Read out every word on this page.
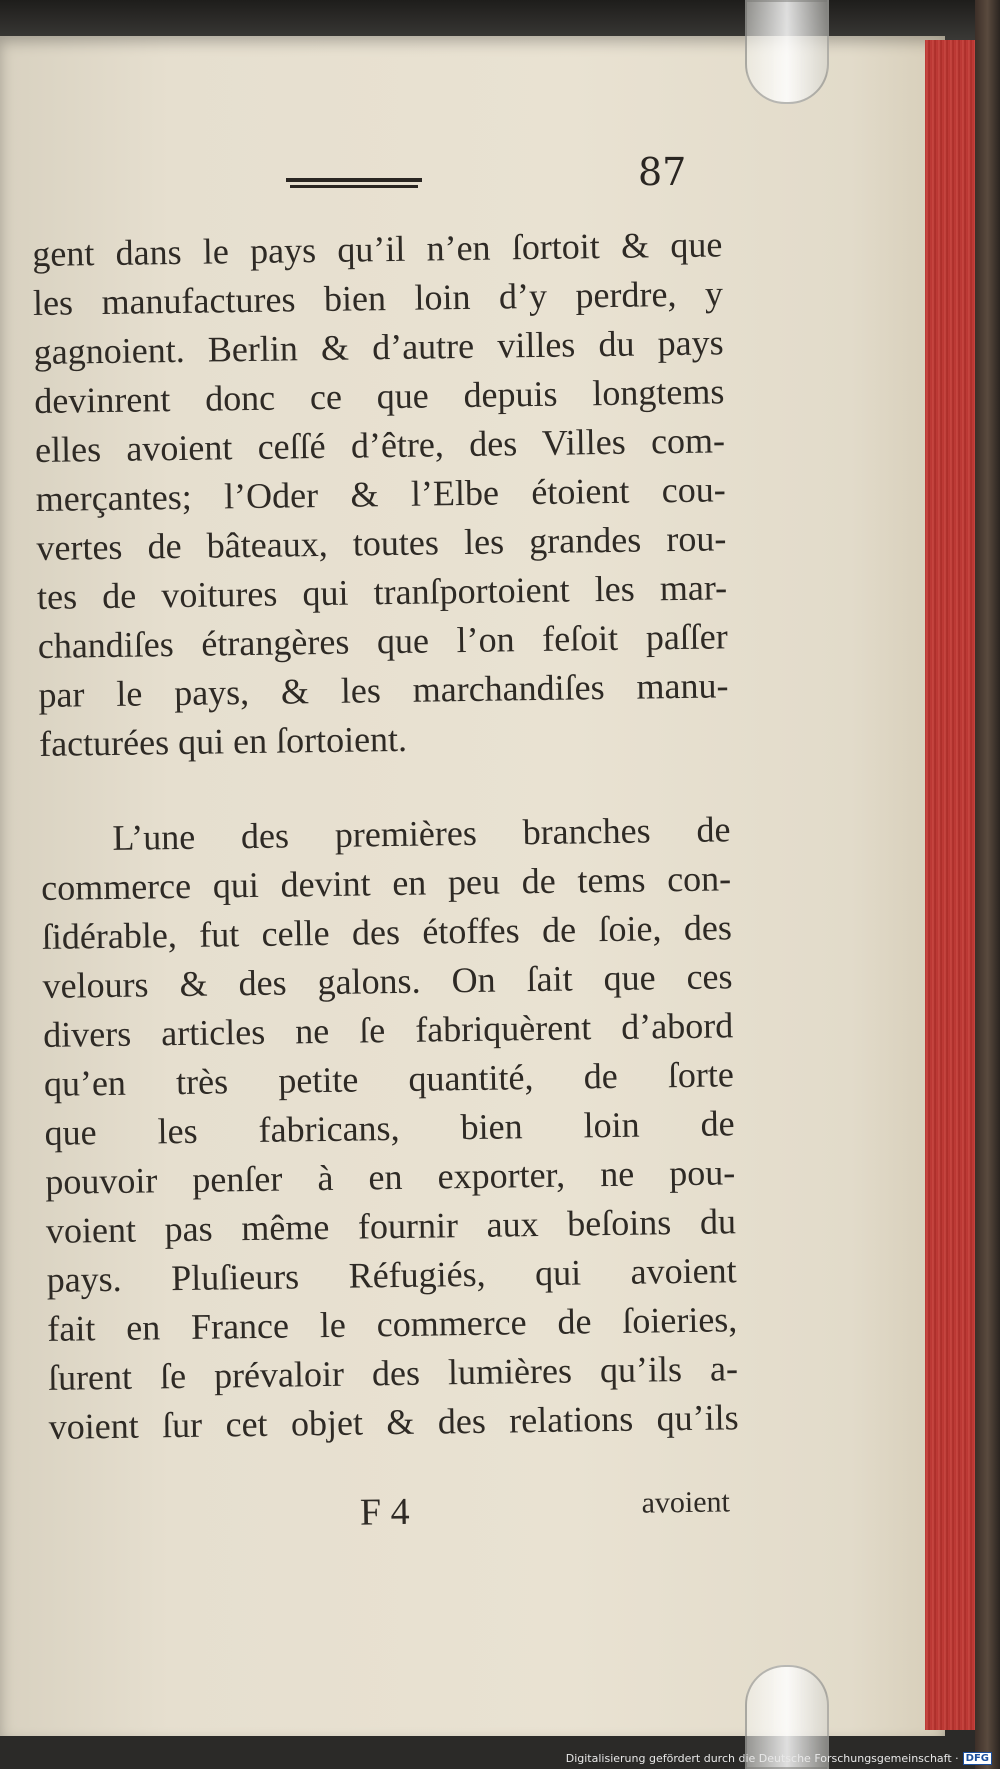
87
gent dans le pays qu’il n’en ſortoit & que
les manufactures bien loin d’y perdre, y
gagnoient. Berlin & d’autre villes du pays
devinrent donc ce que depuis longtems
elles avoient ceſſé d’être, des Villes com-
merçantes; l’Oder & l’Elbe étoient cou-
vertes de bâteaux, toutes les grandes rou-
tes de voitures qui tranſportoient les mar-
chandiſes étrangères que l’on feſoit paſſer
par le pays, & les marchandiſes manu-
facturées qui en ſortoient.
L’une des premières branches de
commerce qui devint en peu de tems con-
ſidérable, fut celle des étoffes de ſoie, des
velours & des galons. On ſait que ces
divers articles ne ſe fabriquèrent d’abord
qu’en très petite quantité, de ſorte
que les fabricans, bien loin de
pouvoir penſer à en exporter, ne pou-
voient pas même fournir aux beſoins du
pays. Pluſieurs Réfugiés, qui avoient
fait en France le commerce de ſoieries,
ſurent ſe prévaloir des lumières qu’ils a-
voient ſur cet objet & des relations qu’ils
F 4	avoient
Digitalisierung gefördert durch die Deutsche Forschungsgemeinschaft · DFG
